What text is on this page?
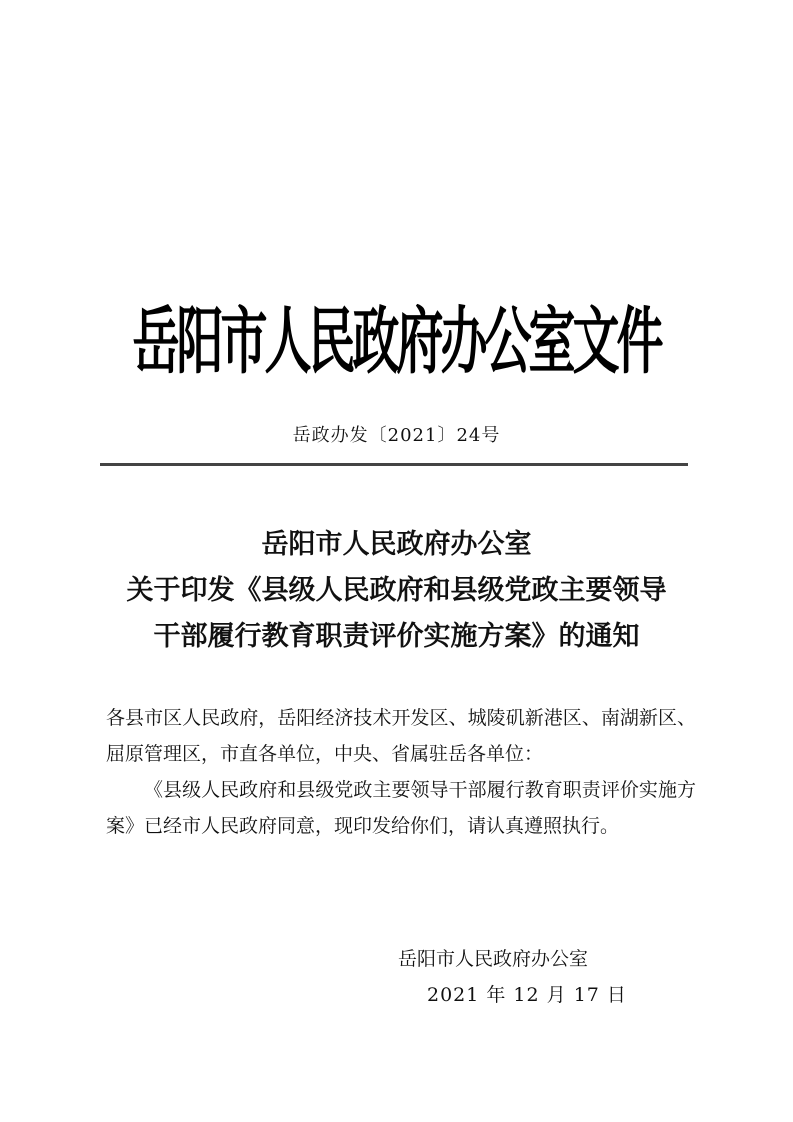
岳阳市人民政府办公室文件
岳政办发〔2021〕24号
岳阳市人民政府办公室
关于印发《县级人民政府和县级党政主要领导
干部履行教育职责评价实施方案》的通知

各县市区人民政府，岳阳经济技术开发区、城陵矶新港区、南湖新区、屈原管理区，市直各单位，中央、省属驻岳各单位：

《县级人民政府和县级党政主要领导干部履行教育职责评价实施方案》已经市人民政府同意，现印发给你们，请认真遵照执行。

岳阳市人民政府办公室
2021 年 12 月 17 日
